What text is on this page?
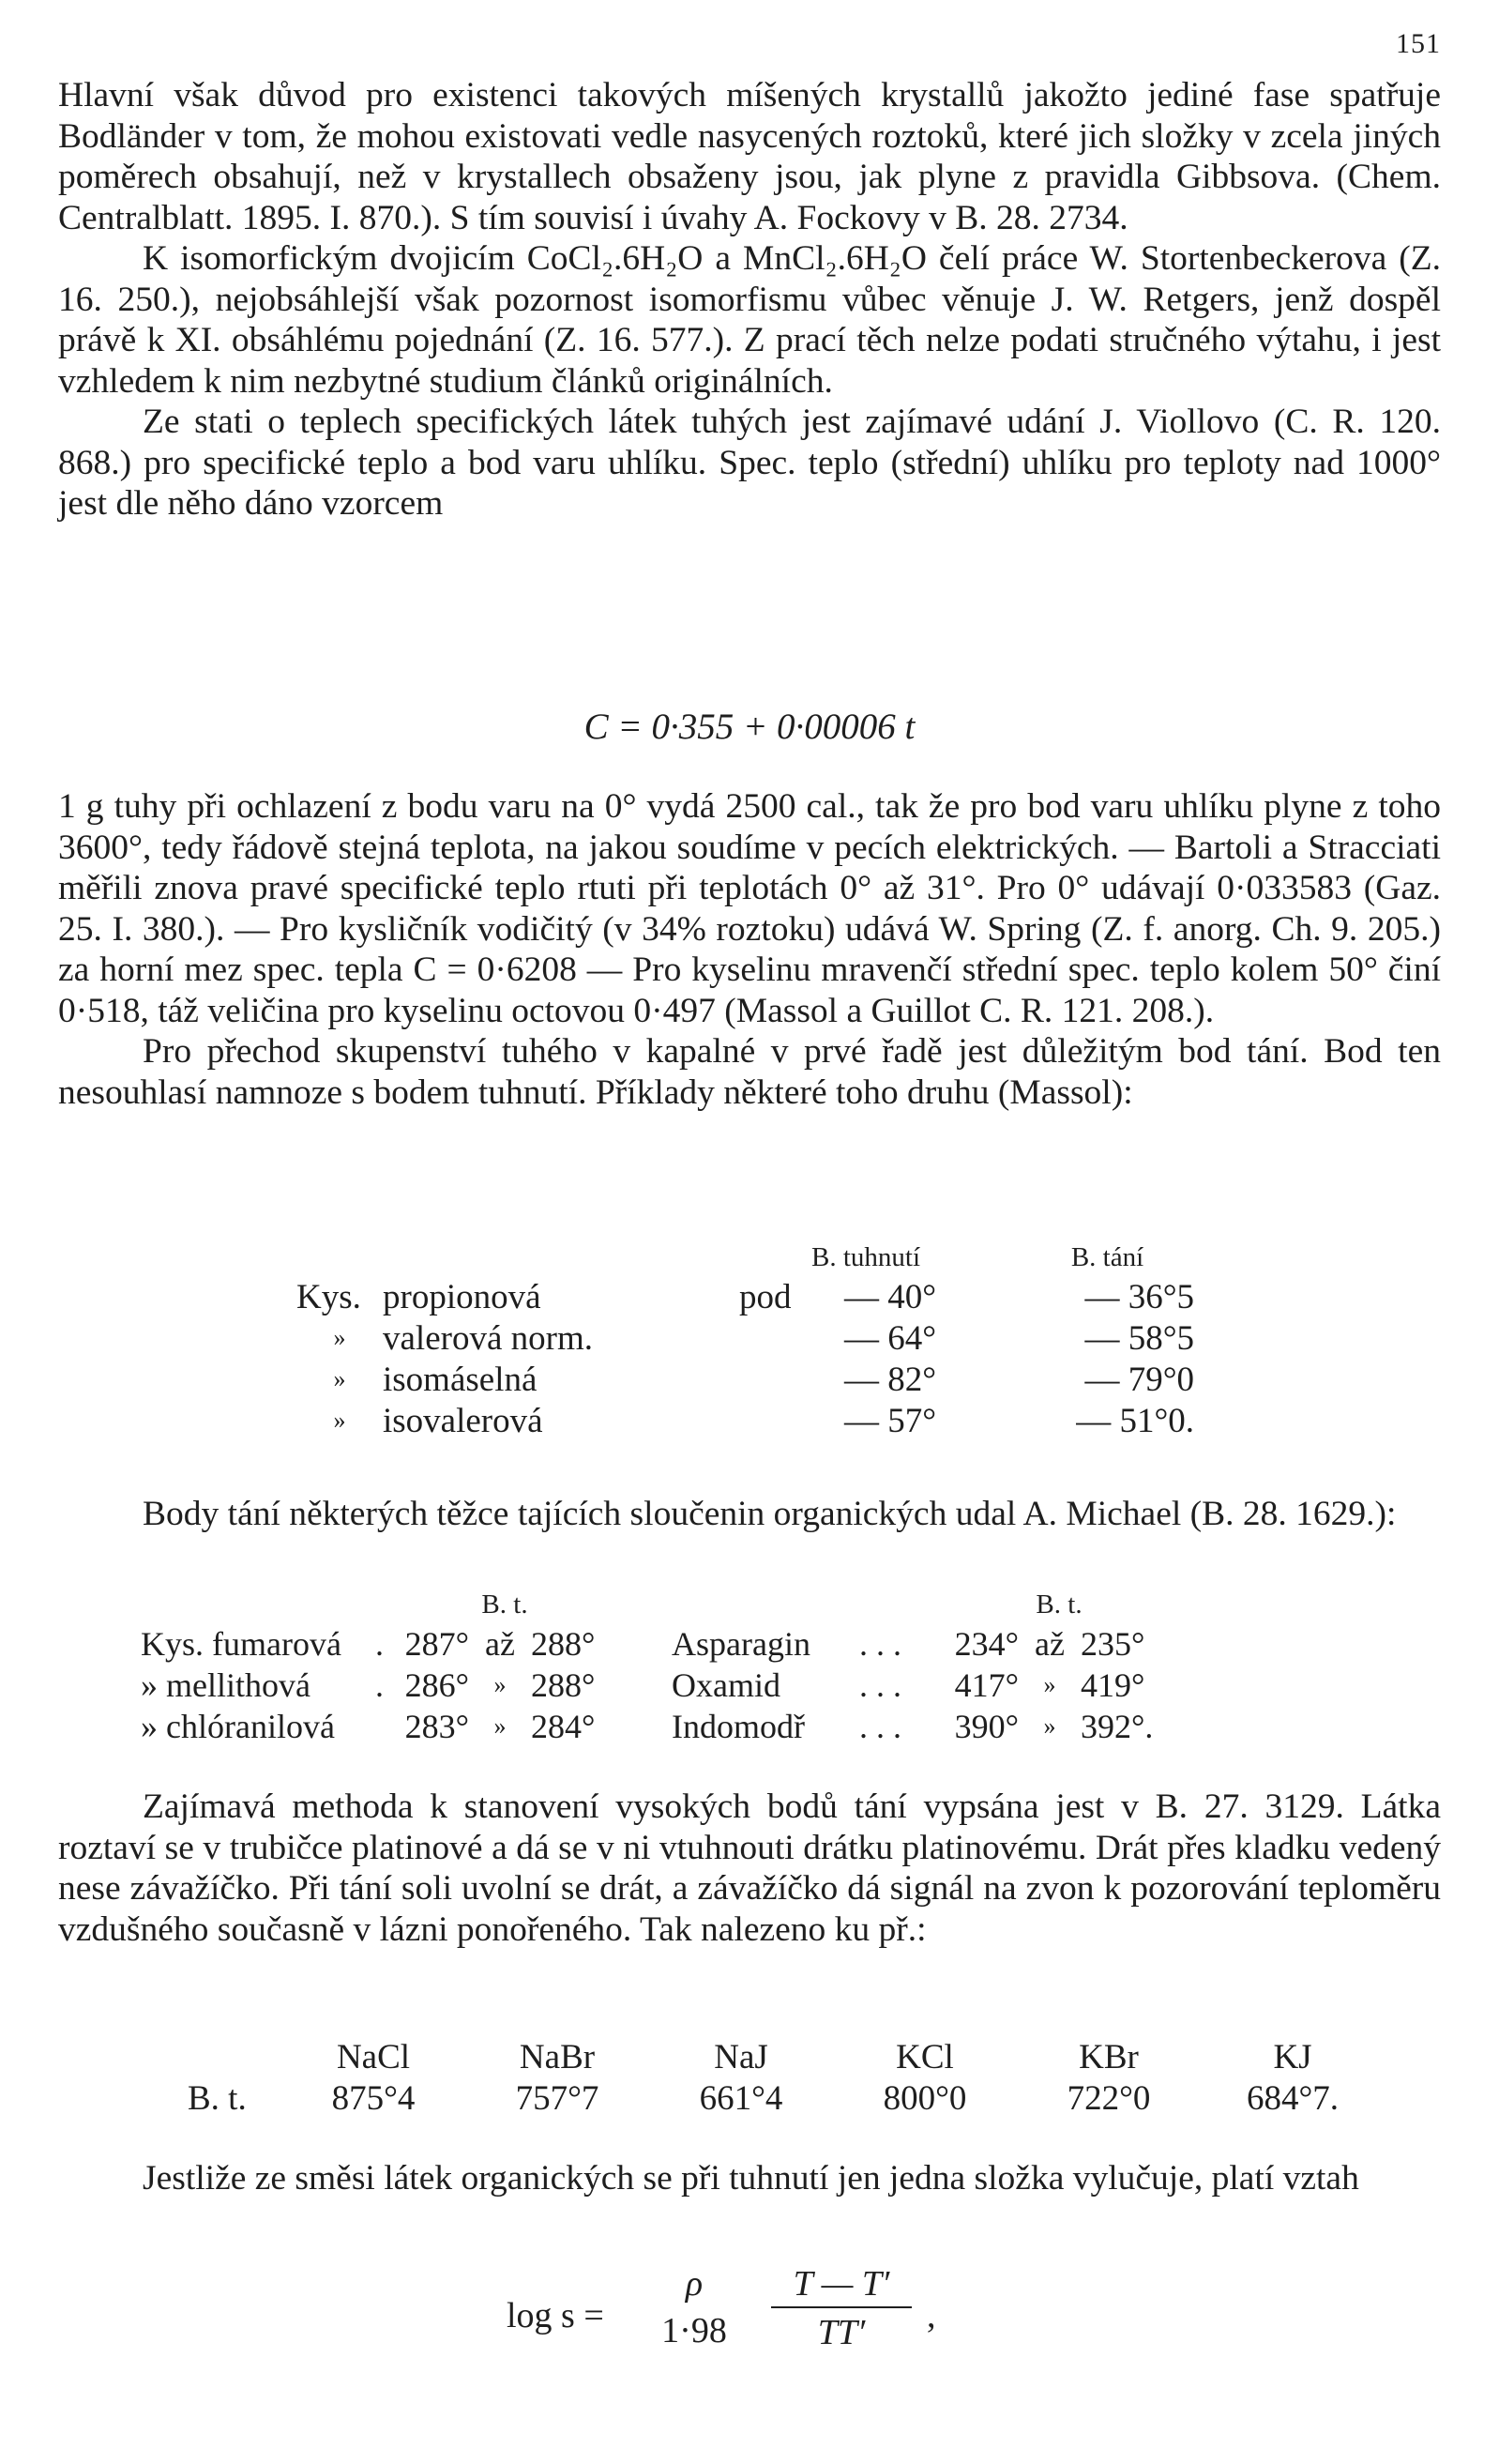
151

Hlavní však důvod pro existenci takových míšených krystallů jakožto jediné fase spatřuje Bodländer v tom, že mohou existovati vedle nasycených roztoků, které jich složky v zcela jiných poměrech obsahují, než v krystallech obsaženy jsou, jak plyne z pravidla Gibbsova. (Chem. Centralblatt. 1895. I. 870.). S tím souvisí i úvahy A. Fockovy v B. 28. 2734.

K isomorfickým dvojicím CoCl₂.6H₂O a MnCl₂.6H₂O čelí práce W. Stortenbeckerova (Z. 16. 250.), nejobsáhlejší však pozornost isomorfismu vůbec věnuje J. W. Retgers, jenž dospěl právě k XI. obsáhlému pojednání (Z. 16. 577.). Z prací těch nelze podati stručného výtahu, i jest vzhledem k nim nezbytné studium článků originálních.

Ze stati o teplech specifických látek tuhých jest zajímavé udání J. Viollovo (C. R. 120. 868.) pro specifické teplo a bod varu uhlíku. Spec. teplo (střední) uhlíku pro teploty nad 1000° jest dle něho dáno vzorcem

C = 0·355 + 0·00006 t

1 g tuhy při ochlazení z bodu varu na 0° vydá 2500 cal., tak že pro bod varu uhlíku plyne z toho 3600°, tedy řádově stejná teplota, na jakou soudíme v pecích elektrických. — Bartoli a Stracciati měřili znova pravé specifické teplo rtuti při teplotách 0° až 31°. Pro 0° udávají 0·033583 (Gaz. 25. I. 380.). — Pro kysličník vodičitý (v 34% roztoku) udává W. Spring (Z. f. anorg. Ch. 9. 205.) za horní mez spec. tepla C = 0·6208 — Pro kyselinu mravenčí střední spec. teplo kolem 50° činí 0·518, táž veličina pro kyselinu octovou 0·497 (Massol a Guillot C. R. 121. 208.).

Pro přechod skupenství tuhého v kapalné v prvé řadě jest důležitým bod tání. Bod ten nesouhlasí namnoze s bodem tuhnutí. Příklady některé toho druhu (Massol):

		B. tuhnutí		B. tání
Kys.	propionová	pod	— 40°	— 36°5
»	valerová norm.		— 64°	— 58°5
»	isomáselná		— 82°	— 79°0
»	isovalerová		— 57°	— 51°0.

Body tání některých těžce tajících sloučenin organických udal A. Michael (B. 28. 1629.):

		B. t.						B. t.		
Kys. fumarová	.	287°	až	288°		Asparagin	. . .	234°	až	235°
» mellithová	.	286°	»	288°		Oxamid	. . .	417°	»	419°
» chlóranilová		283°	»	284°		Indomodř	. . .	390°	»	392°.

Zajímavá methoda k stanovení vysokých bodů tání vypsána jest v B. 27. 3129. Látka roztaví se v trubičce platinové a dá se v ni vtuhnouti drátku platinovému. Drát přes kladku vedený nese závažíčko. Při tání soli uvolní se drát, a závažíčko dá signál na zvon k pozorování teploměru vzdušného současně v lázni ponořeného. Tak nalezeno ku př.:

	NaCl	NaBr	NaJ	KCl	KBr	KJ
B. t.	875°4	757°7	661°4	800°0	722°0	684°7.

Jestliže ze směsi látek organických se při tuhnutí jen jedna složka vylučuje, platí vztah

log s =
ρ
1·98
T — T′
TT′	,
